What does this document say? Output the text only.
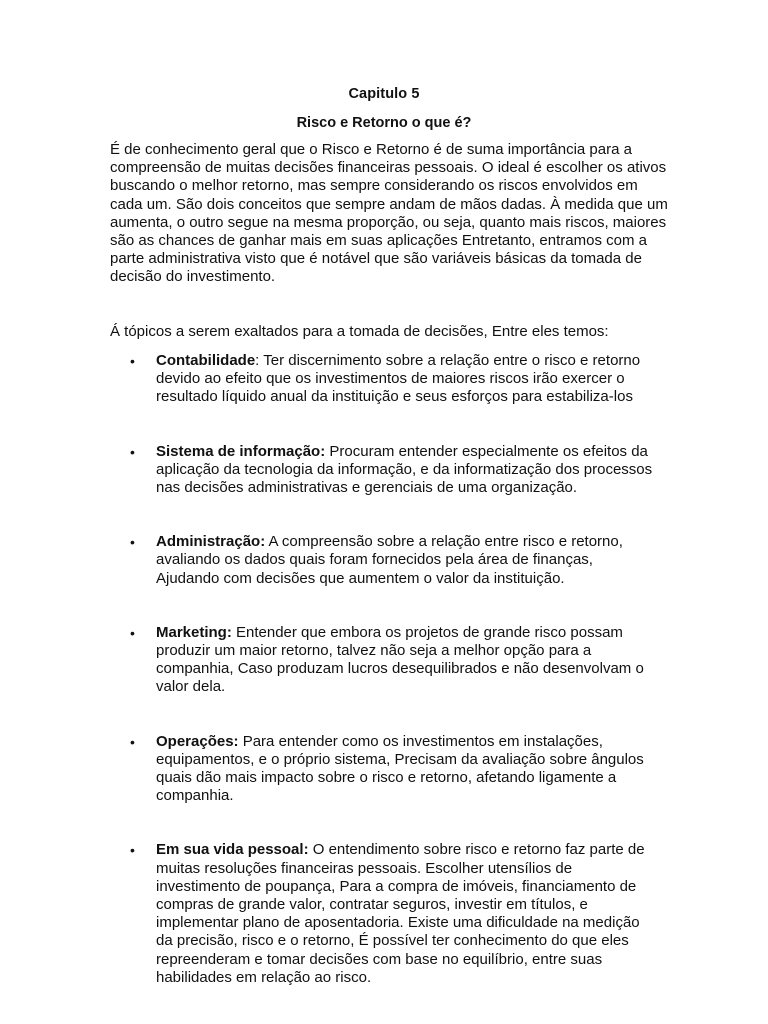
Capitulo 5
Risco e Retorno o que é?

É de conhecimento geral que o Risco e Retorno é de suma importância para a compreensão de muitas decisões financeiras pessoais. O ideal é escolher os ativos buscando o melhor retorno, mas sempre considerando os riscos envolvidos em cada um. São dois conceitos que sempre andam de mãos dadas. À medida que um aumenta, o outro segue na mesma proporção, ou seja, quanto mais riscos, maiores são as chances de ganhar mais em suas aplicações Entretanto, entramos com a parte administrativa visto que é notável que são variáveis básicas da tomada de decisão do investimento.

Á tópicos a serem exaltados para a tomada de decisões, Entre eles temos:

• Contabilidade: Ter discernimento sobre a relação entre o risco e retorno devido ao efeito que os investimentos de maiores riscos irão exercer o resultado líquido anual da instituição e seus esforços para estabiliza-los
• Sistema de informação: Procuram entender especialmente os efeitos da aplicação da tecnologia da informação, e da informatização dos processos nas decisões administrativas e gerenciais de uma organização.
• Administração: A compreensão sobre a relação entre risco e retorno, avaliando os dados quais foram fornecidos pela área de finanças, Ajudando com decisões que aumentem o valor da instituição.
• Marketing: Entender que embora os projetos de grande risco possam produzir um maior retorno, talvez não seja a melhor opção para a companhia, Caso produzam lucros desequilibrados e não desenvolvam o valor dela.
• Operações: Para entender como os investimentos em instalações, equipamentos, e o próprio sistema, Precisam da avaliação sobre ângulos quais dão mais impacto sobre o risco e retorno, afetando ligamente a companhia.
• Em sua vida pessoal: O entendimento sobre risco e retorno faz parte de muitas resoluções financeiras pessoais. Escolher utensílios de investimento de poupança, Para a compra de imóveis, financiamento de compras de grande valor, contratar seguros, investir em títulos, e implementar plano de aposentadoria. Existe uma dificuldade na medição da precisão, risco e o retorno, É possível ter conhecimento do que eles repreenderam e tomar decisões com base no equilíbrio, entre suas habilidades em relação ao risco.
